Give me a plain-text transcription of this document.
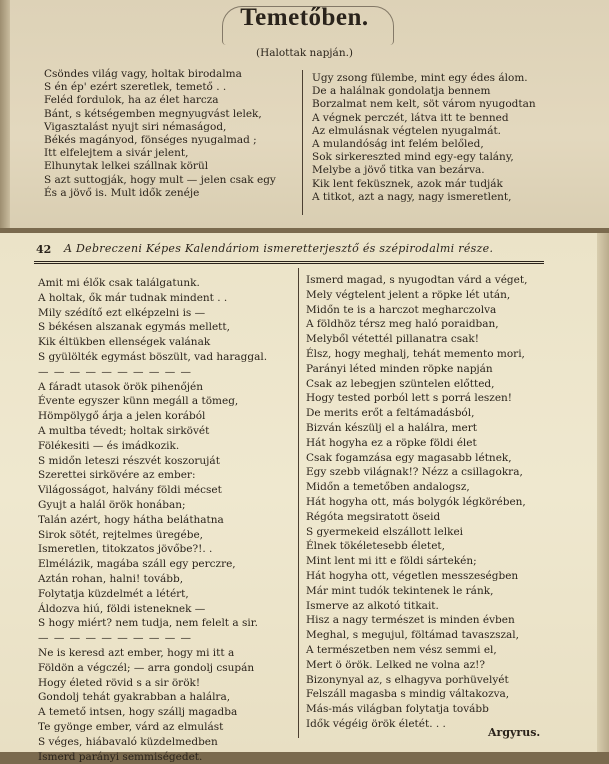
Temetőben.
(Halottak napján.)
Csöndes világ vagy, holtak birodalma
S én ép' ezért szeretlek, temető . .
Feléd fordulok, ha az élet harcza
Bánt, s kétségemben megnyugvást lelek,
Vigasztalást nyujt siri némaságod,
Békés magányod, fönséges nyugalmad ;
Itt elfelejtem a sivár jelent,
Elhunytak lelkei szállnak körül
S azt suttogják, hogy mult — jelen csak egy
És a jövő is. Mult idők zenéje
Ugy zsong fülembe, mint egy édes álom.
De a halálnak gondolatja bennem
Borzalmat nem kelt, söt várom nyugodtan
A végnek perczét, látva itt te benned
Az elmulásnak végtelen nyugalmát.
A mulandóság int felém belőled,
Sok sirkereszted mind egy-egy talány,
Melybe a jövő titka van bezárva.
Kik lent feküsznek, azok már tudják
A titkot, azt a nagy, nagy ismeretlent,
42 A Debreczeni Képes Kalendáriom ismeretterjesztő és szépirodalmi része.
Amit mi élők csak találgatunk.
A holtak, ők már tudnak mindent . .
Mily szédítő ezt elképzelni is —
S békésen alszanak egymás mellett,
Kik éltükben ellenségek valának
S gyülölték egymást böszült, vad haraggal.
— — — — — — — — — —
A fáradt utasok örök pihenőjén
Évente egyszer künn megáll a tömeg,
Hömpölygő árja a jelen korából
A multba tévedt; holtak sirkövét
Fölékesiti — és imádkozik.
S midőn leteszi részvét koszoruját
Szerettei sirkövére az ember:
Világosságot, halvány földi mécset
Gyujt a halál örök honában;
Talán azért, hogy hátha beláthatna
Sirok sötét, rejtelmes üregébe,
Ismeretlen, titokzatos jövőbe?!. .
Elmélázik, magába száll egy perczre,
Aztán rohan, halni! tovább,
Folytatja küzdelmét a létért,
Áldozva hiú, földi isteneknek —
S hogy miért? nem tudja, nem felelt a sir.
— — — — — — — — — —
Ne is keresd azt ember, hogy mi itt a
Földön a végczél; — arra gondolj csupán
Hogy életed rövid s a sir örök!
Gondolj tehát gyakrabban a halálra,
A temető intsen, hogy szállj magadba
Te gyönge ember, várd az elmulást
S véges, hiábavaló küzdelmedben
Ismerd parányi semmiségedet.
Ismerd magad, s nyugodtan várd a véget,
Mely végtelent jelent a röpke lét után,
Midőn te is a harczot megharczolva
A földhöz térsz meg haló poraidban,
Melyből vétettél pillanatra csak!
Élsz, hogy meghalj, tehát memento mori,
Parányi léted minden röpke napján
Csak az lebegjen szüntelen előtted,
Hogy tested porból lett s porrá leszen!
De merits erőt a feltámadásból,
Bizván készülj el a halálra, mert
Hát hogyha ez a röpke földi élet
Csak fogamzása egy magasabb létnek,
Egy szebb világnak!? Nézz a csillagokra,
Midőn a temetőben andalogsz,
Hát hogyha ott, más bolygók légkörében,
Régóta megsiratott öseid
S gyermekeid elszállott lelkei
Élnek tökéletesebb életet,
Mint lent mi itt e földi sártekén;
Hát hogyha ott, végetlen messzeségben
Már mint tudók tekintenek le ránk,
Ismerve az alkotó titkait.
Hisz a nagy természet is minden évben
Meghal, s megujul, föltámad tavaszszal,
A természetben nem vész semmi el,
Mert ö örök. Lelked ne volna az!?
Bizonynyal az, s elhagyva porhüvelyét
Felszáll magasba s mindig váltakozva,
Más-más világban folytatja tovább
Idők végéig örök életét. . .
Argyrus.
